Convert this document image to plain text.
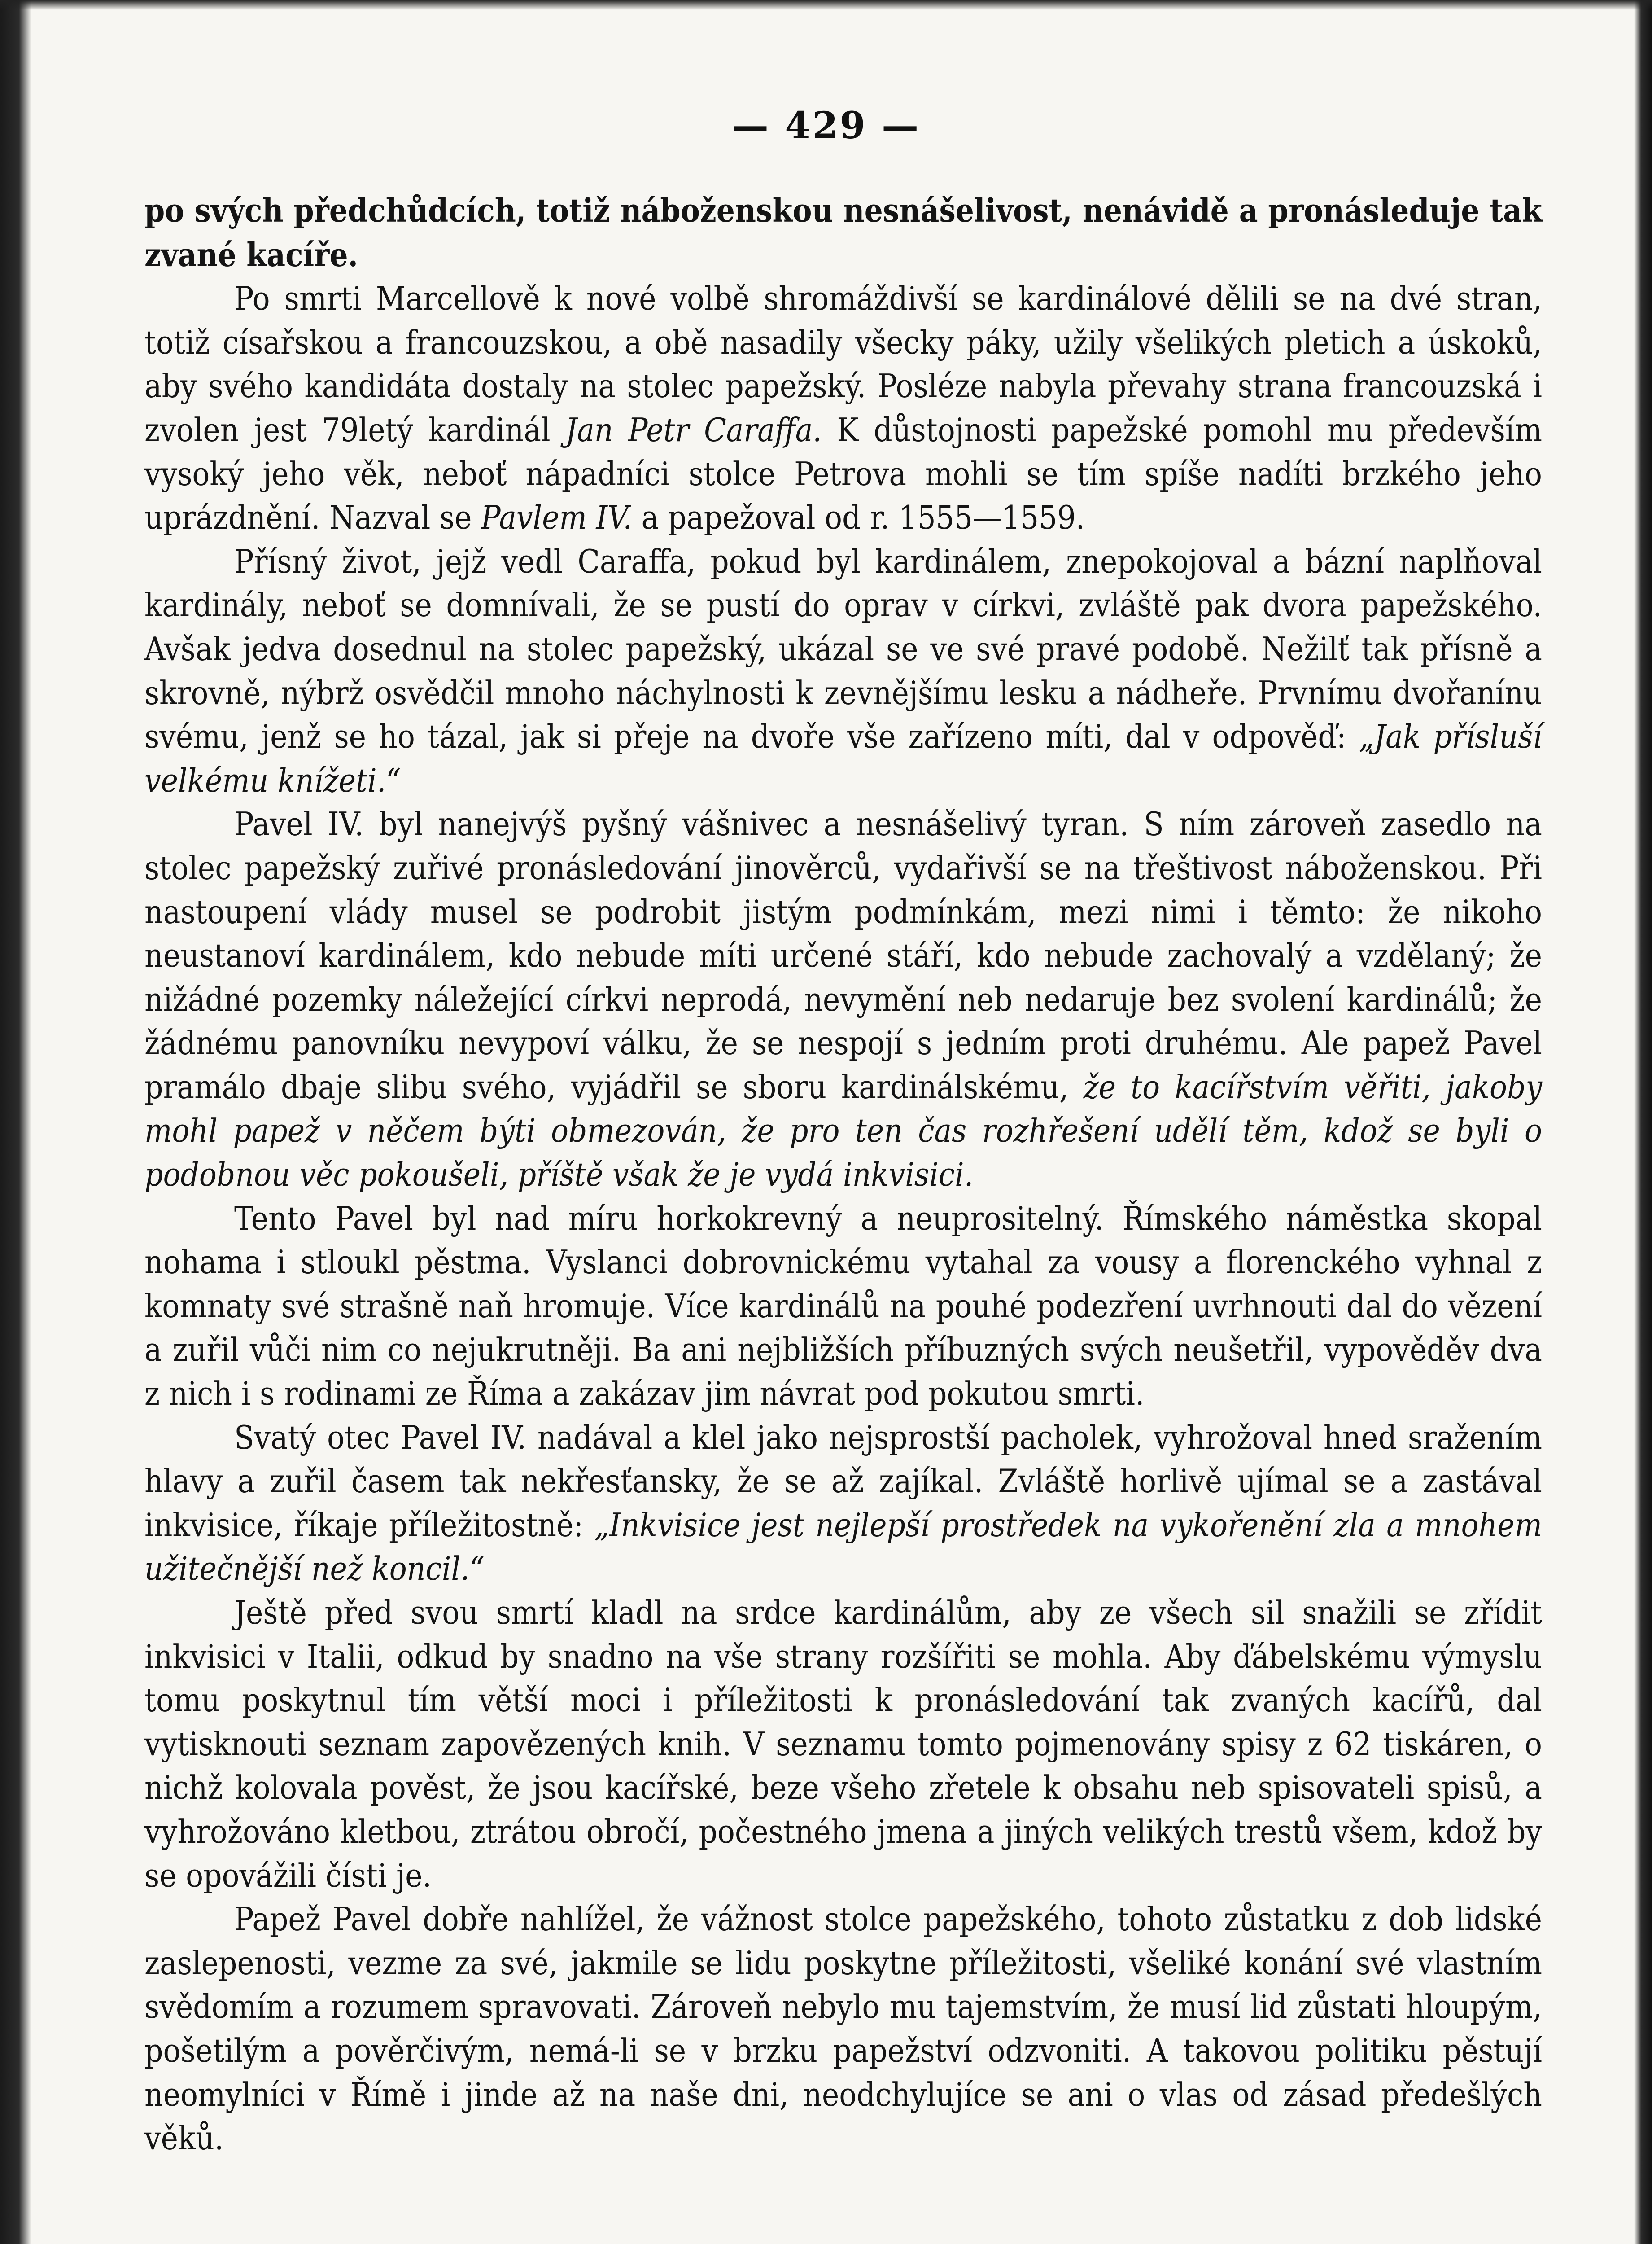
— 429 —

po svých předchůdcích, totiž náboženskou nesnášelivost, nenávidě a pronásleduje tak zvané kacíře.

Po smrti Marcellově k nové volbě shromáždivší se kardinálové dělili se na dvé stran, totiž císařskou a francouzskou, a obě nasadily všecky páky, užily všelikých pletich a úskoků, aby svého kandidáta dostaly na stolec papežský. Posléze nabyla převahy strana francouzská i zvolen jest 79letý kardinál Jan Petr Caraffa. K důstojnosti papežské pomohl mu především vysoký jeho věk, neboť nápadníci stolce Petrova mohli se tím spíše nadíti brzkého jeho uprázdnění. Nazval se Pavlem IV. a papežoval od r. 1555—1559.

Přísný život, jejž vedl Caraffa, pokud byl kardinálem, znepokojoval a bázní naplňoval kardinály, neboť se domnívali, že se pustí do oprav v církvi, zvláště pak dvora papežského. Avšak jedva dosednul na stolec papežský, ukázal se ve své pravé podobě. Nežilť tak přísně a skrovně, nýbrž osvědčil mnoho náchylnosti k zevnějšímu lesku a nádheře. Prvnímu dvořanínu svému, jenž se ho tázal, jak si přeje na dvoře vše zařízeno míti, dal v odpověď: „Jak přísluší velkému knížeti.“

Pavel IV. byl nanejvýš pyšný vášnivec a nesnášelivý tyran. S ním zároveň zasedlo na stolec papežský zuřivé pronásledování jinověrců, vydařivší se na třeštivost náboženskou. Při nastoupení vlády musel se podrobit jistým podmínkám, mezi nimi i těmto: že nikoho neustanoví kardinálem, kdo nebude míti určené stáří, kdo nebude zachovalý a vzdělaný; že nižádné pozemky náležející církvi neprodá, nevymění neb nedaruje bez svolení kardinálů; že žádnému panovníku nevypoví válku, že se nespojí s jedním proti druhému. Ale papež Pavel pramálo dbaje slibu svého, vyjádřil se sboru kardinálskému, že to kacířstvím věřiti, jakoby mohl papež v něčem býti obmezován, že pro ten čas rozhřešení udělí těm, kdož se byli o podobnou věc pokoušeli, příště však že je vydá inkvisici.

Tento Pavel byl nad míru horkokrevný a neuprositelný. Římského náměstka skopal nohama i stloukl pěstma. Vyslanci dobrovnickému vytahal za vousy a florenckého vyhnal z komnaty své strašně naň hromuje. Více kardinálů na pouhé podezření uvrhnouti dal do vězení a zuřil vůči nim co nejukrutněji. Ba ani nejbližších příbuzných svých neušetřil, vypověděv dva z nich i s rodinami ze Říma a zakázav jim návrat pod pokutou smrti.

Svatý otec Pavel IV. nadával a klel jako nejsprostší pacholek, vyhrožoval hned sražením hlavy a zuřil časem tak nekřesťansky, že se až zajíkal. Zvláště horlivě ujímal se a zastával inkvisice, říkaje příležitostně: „Inkvisice jest nejlepší prostředek na vykořenění zla a mnohem užitečnější než koncil.“

Ještě před svou smrtí kladl na srdce kardinálům, aby ze všech sil snažili se zřídit inkvisici v Italii, odkud by snadno na vše strany rozšířiti se mohla. Aby ďábelskému výmyslu tomu poskytnul tím větší moci i příležitosti k pronásledování tak zvaných kacířů, dal vytisknouti seznam zapovězených knih. V seznamu tomto pojmenovány spisy z 62 tiskáren, o nichž kolovala pověst, že jsou kacířské, beze všeho zřetele k obsahu neb spisovateli spisů, a vyhrožováno kletbou, ztrátou obročí, počestného jmena a jiných velikých trestů všem, kdož by se opovážili čísti je.

Papež Pavel dobře nahlížel, že vážnost stolce papežského, tohoto zůstatku z dob lidské zaslepenosti, vezme za své, jakmile se lidu poskytne příležitosti, všeliké konání své vlastním svědomím a rozumem spravovati. Zároveň nebylo mu tajemstvím, že musí lid zůstati hloupým, pošetilým a pověrčivým, nemá-li se v brzku papežství odzvoniti. A takovou politiku pěstují neomylníci v Římě i jinde až na naše dni, neodchylujíce se ani o vlas od zásad předešlých věků.
